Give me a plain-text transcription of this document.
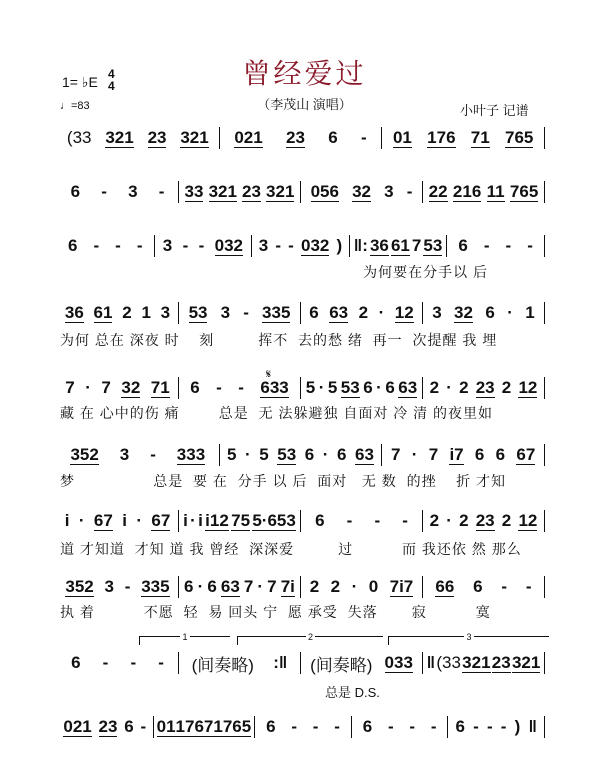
曾经爱过
（李茂山 演唱）
1= ♭E 4
4
♩=83	小叶子 记谱
𝄋
1	2	3
总是 D.S.
(33 321 23 321 021 23 6 - 01 176 71 765
6 - 3 - 33 321 23 321 056 32 3 - 22 216 11 765
6 - - - 3 - - 032 3 - - 032 ) ‖: 36 61 7 53 6 - - -
为何要在分手以 后
36 61 2 1 3 53 3 - 335 6 63 2 · 12 3 32 6 · 1
为何 总在 深夜 时    刻         挥不  去的愁 绪  再一  次提醒 我 埋
7 · 7 32 71 6 - - 633 5 · 5 53 6 · 6 63 2 · 2 23 2 12
藏 在 心中的伤 痛        总是  无 法躲避独 自面对 冷 清 的夜里如
352 3 - 333 5 · 5 53 6 · 6 63 7 · 7 i7 6 6 67
梦                总是  要 在  分手 以 后  面对   无 数  的挫    折 才知
i · 67 i · 67 i · i i12 75 5·653 6 - - - 2 · 2 23 2 12
道 才知道  才知 道 我 曾经  深深爱         过          而 我还依 然 那么
352 3 - 335 6 · 6 63 7 · 7 7i 2 2 · 0 7i7 66 6 - -
执 着          不愿  轻  易 回头 宁  愿 承受  失落       寂          寞
6 - - - (间奏略) :‖ (间奏略) 033 ‖ (33 321 23 321
021 23 6 - 01 176 71 765 6 - - - 6 - - - 6 - - - ) ‖
